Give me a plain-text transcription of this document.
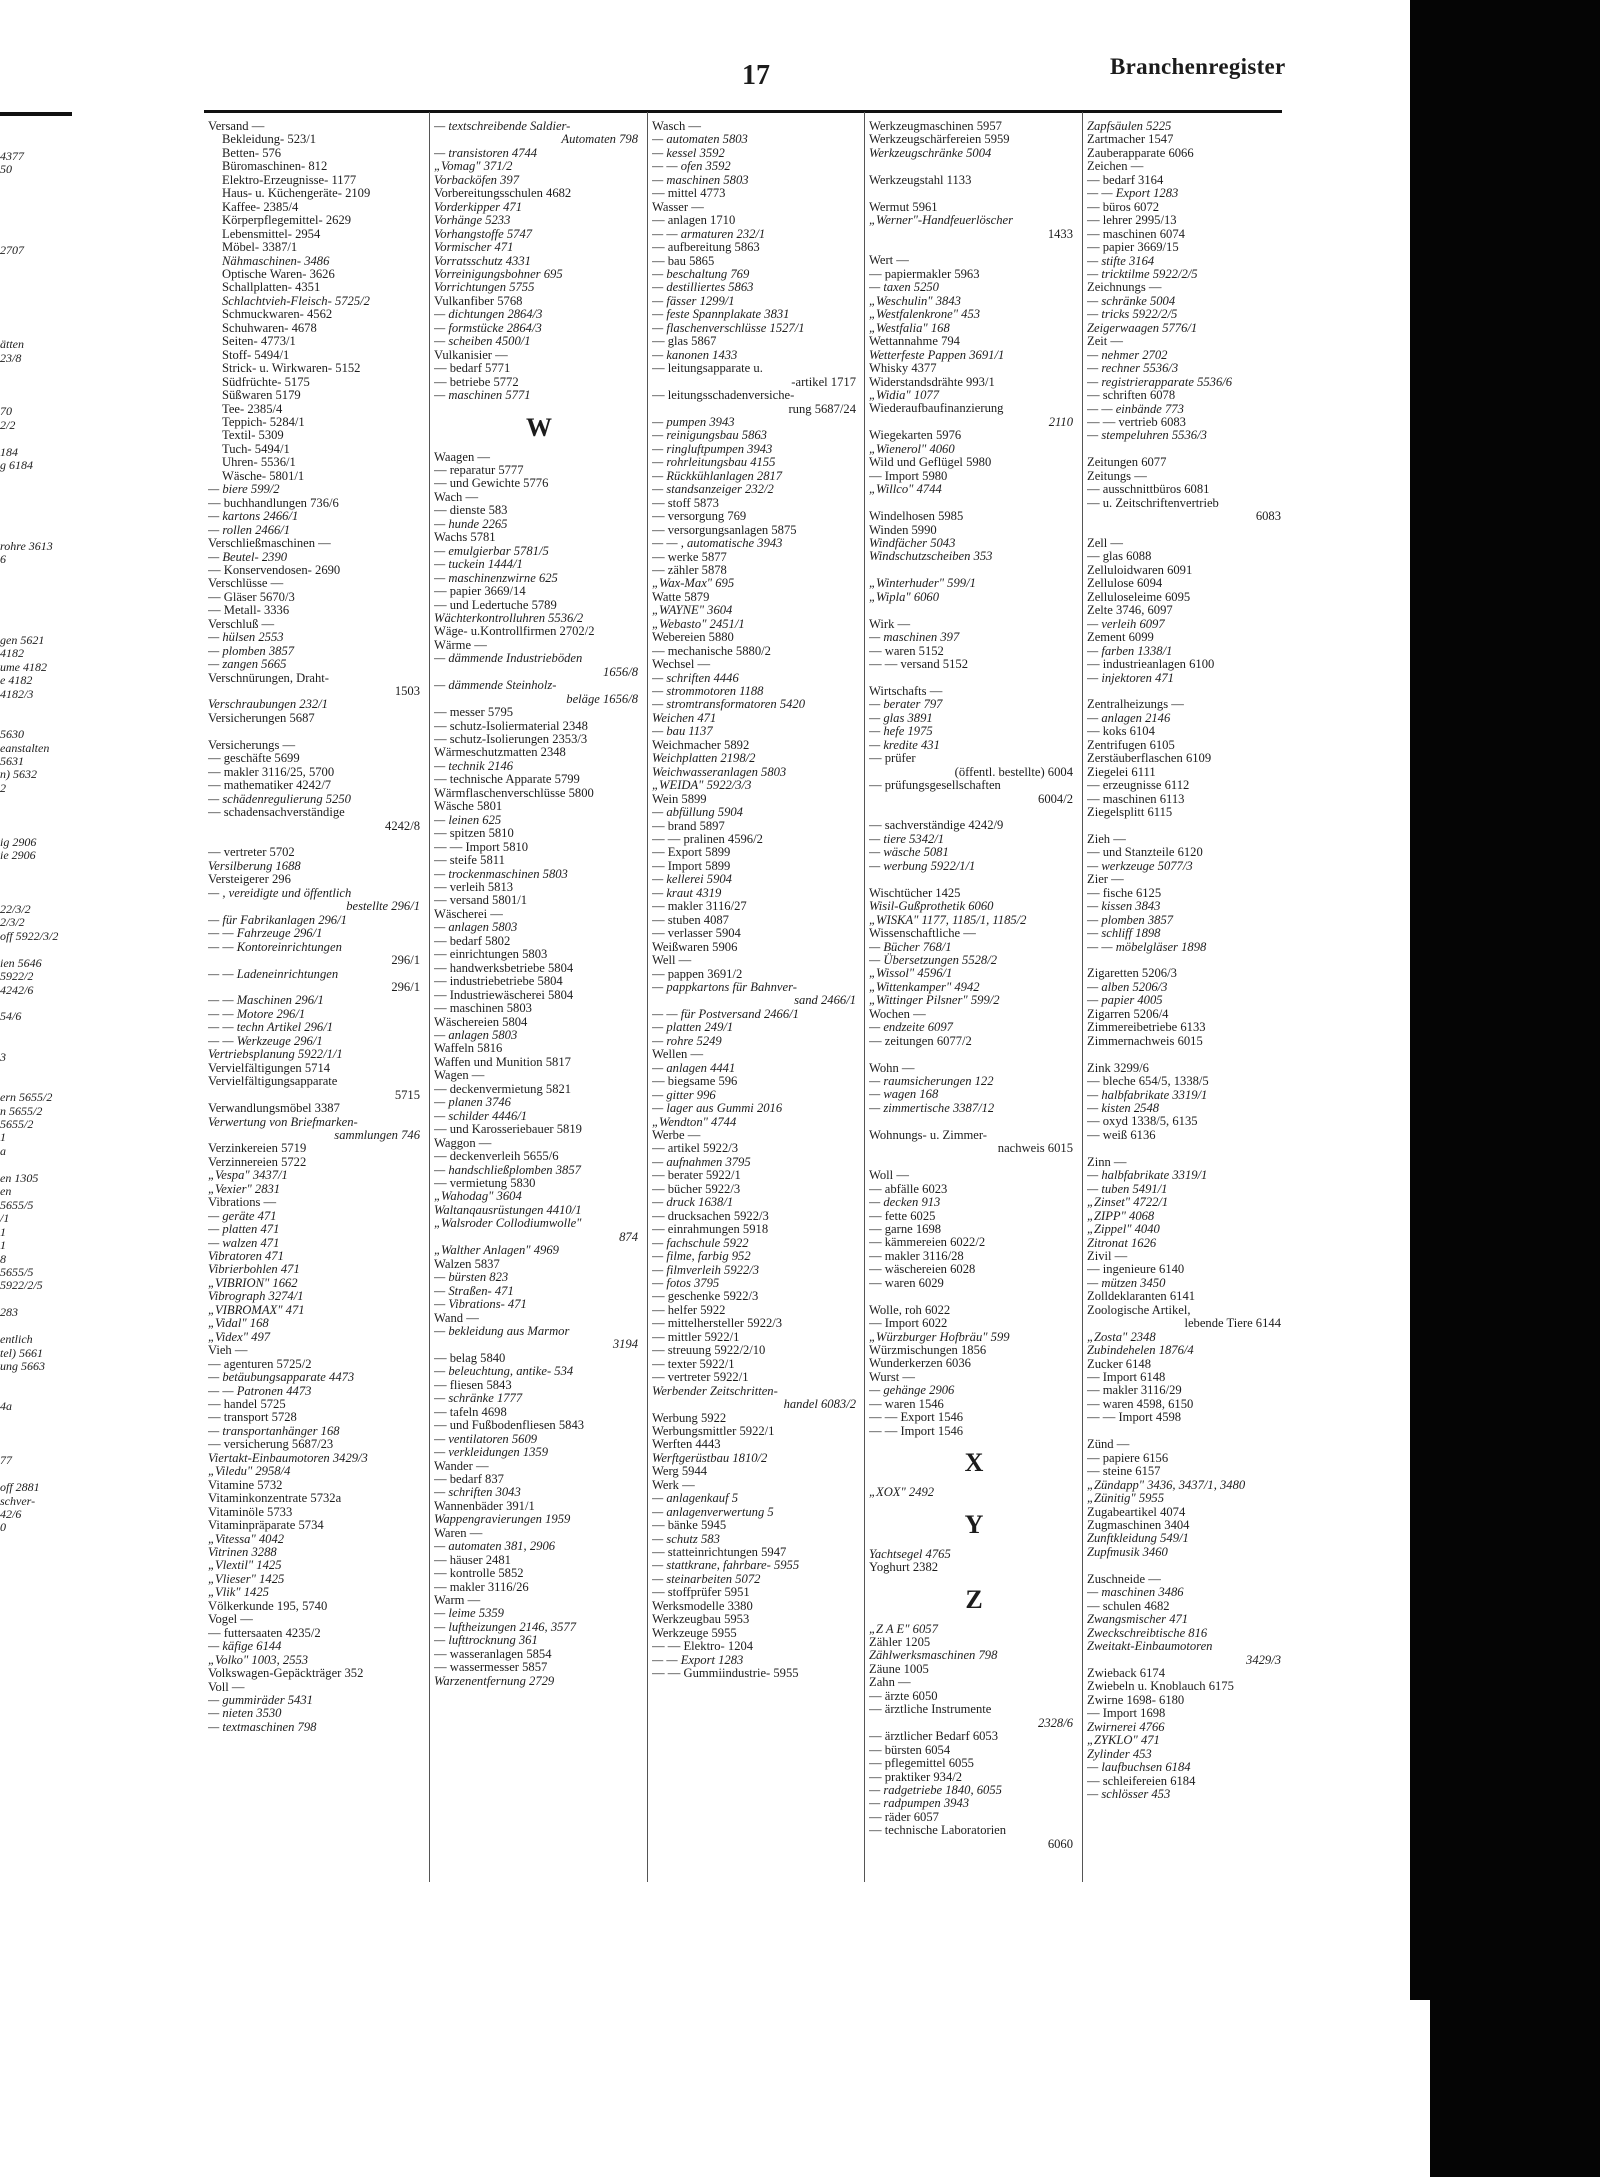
4377
50
2707
ätten
23/8
70
2/2
184
g 6184
rohre 3613
6
gen 5621
4182
ume 4182
e 4182
4182/3
5630
eanstalten
5631
n) 5632
2
ig 2906
ie 2906
22/3/2
2/3/2
off 5922/3/2
ien 5646
5922/2
4242/6
54/6
3
ern 5655/2
n 5655/2
5655/2
1
a
en 1305
en
5655/5
/1
1
1
8
5655/5
5922/2/5
283
entlich
tel) 5661
ung 5663
4a
77
off 2881
schver-
42/6
0
17	Branchenregister
Versand —
Bekleidung- 523/1
Betten- 576
Büromaschinen- 812
Elektro-Erzeugnisse- 1177
Haus- u. Küchengeräte- 2109
Kaffee- 2385/4
Körperpflegemittel- 2629
Lebensmittel- 2954
Möbel- 3387/1
Nähmaschinen- 3486
Optische Waren- 3626
Schallplatten- 4351
Schlachtvieh-Fleisch- 5725/2
Schmuckwaren- 4562
Schuhwaren- 4678
Seiten- 4773/1
Stoff- 5494/1
Strick- u. Wirkwaren- 5152
Südfrüchte- 5175
Süßwaren 5179
Tee- 2385/4
Teppich- 5284/1
Textil- 5309
Tuch- 5494/1
Uhren- 5536/1
Wäsche- 5801/1
— biere 599/2
— buchhandlungen 736/6
— kartons 2466/1
— rollen 2466/1
Verschließmaschinen —
— Beutel- 2390
— Konservendosen- 2690
Verschlüsse —
— Gläser 5670/3
— Metall- 3336
Verschluß —
— hülsen 2553
— plomben 3857
— zangen 5665
Verschnürungen, Draht-
1503
Verschraubungen 232/1
Versicherungen 5687
Versicherungs —
— geschäfte 5699
— makler 3116/25, 5700
— mathematiker 4242/7
— schädenregulierung 5250
— schadensachverständige
4242/8
— vertreter 5702
Versilberung 1688
Versteigerer 296
— , vereidigte und öffentlich
bestellte 296/1
— für Fabrikanlagen 296/1
— — Fahrzeuge 296/1
— — Kontoreinrichtungen
296/1
— — Ladeneinrichtungen
296/1
— — Maschinen 296/1
— — Motore 296/1
— — techn Artikel 296/1
— — Werkzeuge 296/1
Vertriebsplanung 5922/1/1
Vervielfältigungen 5714
Vervielfältigungsapparate
5715
Verwandlungsmöbel 3387
Verwertung von Briefmarken-
sammlungen 746
Verzinkereien 5719
Verzinnereien 5722
„Vespa" 3437/1
„Vexier" 2831
Vibrations —
— geräte 471
— platten 471
— walzen 471
Vibratoren 471
Vibrierbohlen 471
„VIBRION" 1662
Vibrograph 3274/1
„VIBROMAX" 471
„Vidal" 168
„Videx" 497
Vieh —
— agenturen 5725/2
— betäubungsapparate 4473
— — Patronen 4473
— handel 5725
— transport 5728
— transportanhänger 168
— versicherung 5687/23
Viertakt-Einbaumotoren 3429/3
„Viledu" 2958/4
Vitamine 5732
Vitaminkonzentrate 5732a
Vitaminöle 5733
Vitaminpräparate 5734
„Vitessa" 4042
Vitrinen 3288
„Vlextil" 1425
„Vlieser" 1425
„Vlik" 1425
Völkerkunde 195, 5740
Vogel —
— futtersaaten 4235/2
— käfige 6144
„Volko" 1003, 2553
Volkswagen-Gepäckträger 352
Voll —
— gummiräder 5431
— nieten 3530
— textmaschinen 798
— textschreibende Saldier-
Automaten 798
— transistoren 4744
„Vomag" 371/2
Vorbacköfen 397
Vorbereitungsschulen 4682
Vorderkipper 471
Vorhänge 5233
Vorhangstoffe 5747
Vormischer 471
Vorratsschutz 4331
Vorreinigungsbohner 695
Vorrichtungen 5755
Vulkanfiber 5768
— dichtungen 2864/3
— formstücke 2864/3
— scheiben 4500/1
Vulkanisier —
— bedarf 5771
— betriebe 5772
— maschinen 5771
W
Waagen —
— reparatur 5777
— und Gewichte 5776
Wach —
— dienste 583
— hunde 2265
Wachs 5781
— emulgierbar 5781/5
— tuckein 1444/1
— maschinenzwirne 625
— papier 3669/14
— und Ledertuche 5789
Wächterkontrolluhren 5536/2
Wäge- u.Kontrollfirmen 2702/2
Wärme —
— dämmende Industrieböden
1656/8
— dämmende Steinholz-
beläge 1656/8
— messer 5795
— schutz-Isoliermaterial 2348
— schutz-Isolierungen 2353/3
Wärmeschutzmatten 2348
— technik 2146
— technische Apparate 5799
Wärmflaschenverschlüsse 5800
Wäsche 5801
— leinen 625
— spitzen 5810
— — Import 5810
— steife 5811
— trockenmaschinen 5803
— verleih 5813
— versand 5801/1
Wäscherei —
— anlagen 5803
— bedarf 5802
— einrichtungen 5803
— handwerksbetriebe 5804
— industriebetriebe 5804
— Industriewäscherei 5804
— maschinen 5803
Wäschereien 5804
— anlagen 5803
Waffeln 5816
Waffen und Munition 5817
Wagen —
— deckenvermietung 5821
— planen 3746
— schilder 4446/1
— und Karosseriebauer 5819
Waggon —
— deckenverleih 5655/6
— handschließplomben 3857
— vermietung 5830
„Wahodag" 3604
Waltanqausrüstungen 4410/1
„Walsroder Collodiumwolle"
874
„Walther Anlagen" 4969
Walzen 5837
— bürsten 823
— Straßen- 471
— Vibrations- 471
Wand —
— bekleidung aus Marmor
3194
— belag 5840
— beleuchtung, antike- 534
— fliesen 5843
— schränke 1777
— tafeln 4698
— und Fußbodenfliesen 5843
— ventilatoren 5609
— verkleidungen 1359
Wander —
— bedarf 837
— schriften 3043
Wannenbäder 391/1
Wappengravierungen 1959
Waren —
— automaten 381, 2906
— häuser 2481
— kontrolle 5852
— makler 3116/26
Warm —
— leime 5359
— luftheizungen 2146, 3577
— lufttrocknung 361
— wasseranlagen 5854
— wassermesser 5857
Warzenentfernung 2729
Wasch —
— automaten 5803
— kessel 3592
— — ofen 3592
— maschinen 5803
— mittel 4773
Wasser —
— anlagen 1710
— — armaturen 232/1
— aufbereitung 5863
— bau 5865
— beschaltung 769
— destilliertes 5863
— fässer 1299/1
— feste Spannplakate 3831
— flaschenverschlüsse 1527/1
— glas 5867
— kanonen 1433
— leitungsapparate u.
-artikel 1717
— leitungsschadenversiche-
rung 5687/24
— pumpen 3943
— reinigungsbau 5863
— ringluftpumpen 3943
— rohrleitungsbau 4155
— Rückkühlanlagen 2817
— standsanzeiger 232/2
— stoff 5873
— versorgung 769
— versorgungsanlagen 5875
— — , automatische 3943
— werke 5877
— zähler 5878
„Wax-Max" 695
Watte 5879
„WAYNE" 3604
„Webasto" 2451/1
Webereien 5880
— mechanische 5880/2
Wechsel —
— schriften 4446
— strommotoren 1188
— stromtransformatoren 5420
Weichen 471
— bau 1137
Weichmacher 5892
Weichplatten 2198/2
Weichwasseranlagen 5803
„WEIDA" 5922/3/3
Wein 5899
— abfüllung 5904
— brand 5897
— — pralinen 4596/2
— Export 5899
— Import 5899
— kellerei 5904
— kraut 4319
— makler 3116/27
— stuben 4087
— verlasser 5904
Weißwaren 5906
Well —
— pappen 3691/2
— pappkartons für Bahnver-
sand 2466/1
— — für Postversand 2466/1
— platten 249/1
— rohre 5249
Wellen —
— anlagen 4441
— biegsame 596
— gitter 996
— lager aus Gummi 2016
„Wendton" 4744
Werbe —
— artikel 5922/3
— aufnahmen 3795
— berater 5922/1
— bücher 5922/3
— druck 1638/1
— drucksachen 5922/3
— einrahmungen 5918
— fachschule 5922
— filme, farbig 952
— filmverleih 5922/3
— fotos 3795
— geschenke 5922/3
— helfer 5922
— mittelhersteller 5922/3
— mittler 5922/1
— streuung 5922/2/10
— texter 5922/1
— vertreter 5922/1
Werbender Zeitschritten-
handel 6083/2
Werbung 5922
Werbungsmittler 5922/1
Werften 4443
Werftgerüstbau 1810/2
Werg 5944
Werk —
— anlagenkauf 5
— anlagenverwertung 5
— bänke 5945
— schutz 583
— statteinrichtungen 5947
— stattkrane, fahrbare- 5955
— steinarbeiten 5072
— stoffprüfer 5951
Werksmodelle 3380
Werkzeugbau 5953
Werkzeuge 5955
— — Elektro- 1204
— — Export 1283
— — Gummiindustrie- 5955
Werkzeugmaschinen 5957
Werkzeugschärfereien 5959
Werkzeugschränke 5004
Werkzeugstahl 1133
Wermut 5961
„Werner"-Handfeuerlöscher
1433
Wert —
— papiermakler 5963
— taxen 5250
„Weschulin" 3843
„Westfalenkrone" 453
„Westfalia" 168
Wettannahme 794
Wetterfeste Pappen 3691/1
Whisky 4377
Widerstandsdrähte 993/1
„Widia" 1077
Wiederaufbaufinanzierung
2110
Wiegekarten 5976
„Wienerol" 4060
Wild und Geflügel 5980
— Import 5980
„Willco" 4744
Windelhosen 5985
Winden 5990
Windfächer 5043
Windschutzscheiben 353
„Winterhuder" 599/1
„Wipla" 6060
Wirk —
— maschinen 397
— waren 5152
— — versand 5152
Wirtschafts —
— berater 797
— glas 3891
— hefe 1975
— kredite 431
— prüfer
(öffentl. bestellte) 6004
— prüfungsgesellschaften
6004/2
— sachverständige 4242/9
— tiere 5342/1
— wäsche 5081
— werbung 5922/1/1
Wischtücher 1425
Wisil-Gußprothetik 6060
„WISKA" 1177, 1185/1, 1185/2
Wissenschaftliche —
— Bücher 768/1
— Übersetzungen 5528/2
„Wissol" 4596/1
„Wittenkamper" 4942
„Wittinger Pilsner" 599/2
Wochen —
— endzeitе 6097
— zeitungen 6077/2
Wohn —
— raumsicherungen 122
— wagen 168
— zimmertische 3387/12
Wohnungs- u. Zimmer-
nachweis 6015
Woll —
— abfälle 6023
— decken 913
— fette 6025
— garne 1698
— kämmereien 6022/2
— makler 3116/28
— wäschereien 6028
— waren 6029
Wolle, roh 6022
— Import 6022
„Würzburger Hofbräu" 599
Würzmischungen 1856
Wunderkerzen 6036
Wurst —
— gehänge 2906
— waren 1546
— — Export 1546
— — Import 1546
X
„XOX" 2492
Y
Yachtsegel 4765
Yoghurt 2382
Z
„Z A E" 6057
Zähler 1205
Zählwerksmaschinen 798
Zäune 1005
Zahn —
— ärzte 6050
— ärztliche Instrumente
2328/6
— ärztlicher Bedarf 6053
— bürsten 6054
— pflegemittel 6055
— praktiker 934/2
— radgetriebe 1840, 6055
— radpumpen 3943
— räder 6057
— technische Laboratorien
6060
Zapfsäulen 5225
Zartmacher 1547
Zauberapparate 6066
Zeichen —
— bedarf 3164
— — Export 1283
— büros 6072
— lehrer 2995/13
— maschinen 6074
— papier 3669/15
— stifte 3164
— tricktilme 5922/2/5
Zeichnungs —
— schränke 5004
— tricks 5922/2/5
Zeigerwaagen 5776/1
Zeit —
— nehmer 2702
— rechner 5536/3
— registrierapparate 5536/6
— schriften 6078
— — einbände 773
— — vertrieb 6083
— stempeluhren 5536/3
Zeitungen 6077
Zeitungs —
— ausschnittbüros 6081
— u. Zeitschriftenvertrieb
6083
Zell —
— glas 6088
Zelluloidwaren 6091
Zellulose 6094
Zelluloseleime 6095
Zelte 3746, 6097
— verleih 6097
Zement 6099
— farben 1338/1
— industrieanlagen 6100
— injektoren 471
Zentralheizungs —
— anlagen 2146
— koks 6104
Zentrifugen 6105
Zerstäuberflaschen 6109
Ziegelei 6111
— erzeugnisse 6112
— maschinen 6113
Ziegelsplitt 6115
Zieh —
— und Stanzteile 6120
— werkzeuge 5077/3
Zier —
— fische 6125
— kissen 3843
— plomben 3857
— schliff 1898
— — möbelgläser 1898
Zigaretten 5206/3
— alben 5206/3
— papier 4005
Zigarren 5206/4
Zimmereibetriebe 6133
Zimmernachweis 6015
Zink 3299/6
— bleche 654/5, 1338/5
— halbfabrikate 3319/1
— kisten 2548
— oxyd 1338/5, 6135
— weiß 6136
Zinn —
— halbfabrikate 3319/1
— tuben 5491/1
„Zinset" 4722/1
„ZIPP" 4068
„Zippel" 4040
Zitronat 1626
Zivil —
— ingenieure 6140
— mützen 3450
Zolldeklaranten 6141
Zoologische Artikel,
lebende Tiere 6144
„Zosta" 2348
Zubindehelen 1876/4
Zucker 6148
— Import 6148
— makler 3116/29
— waren 4598, 6150
— — Import 4598
Zünd —
— papiere 6156
— steine 6157
„Zündapp" 3436, 3437/1, 3480
„Zünitig" 5955
Zugabeartikel 4074
Zugmaschinen 3404
Zunftkleidung 549/1
Zupfmusik 3460
Zuschneide —
— maschinen 3486
— schulen 4682
Zwangsmischer 471
Zweckschreibtische 816
Zweitakt-Einbaumotoren
3429/3
Zwieback 6174
Zwiebeln u. Knoblauch 6175
Zwirne 1698- 6180
— Import 1698
Zwirnerei 4766
„ZYKLO" 471
Zylinder 453
— laufbuchsen 6184
— schleifereien 6184
— schlösser 453
